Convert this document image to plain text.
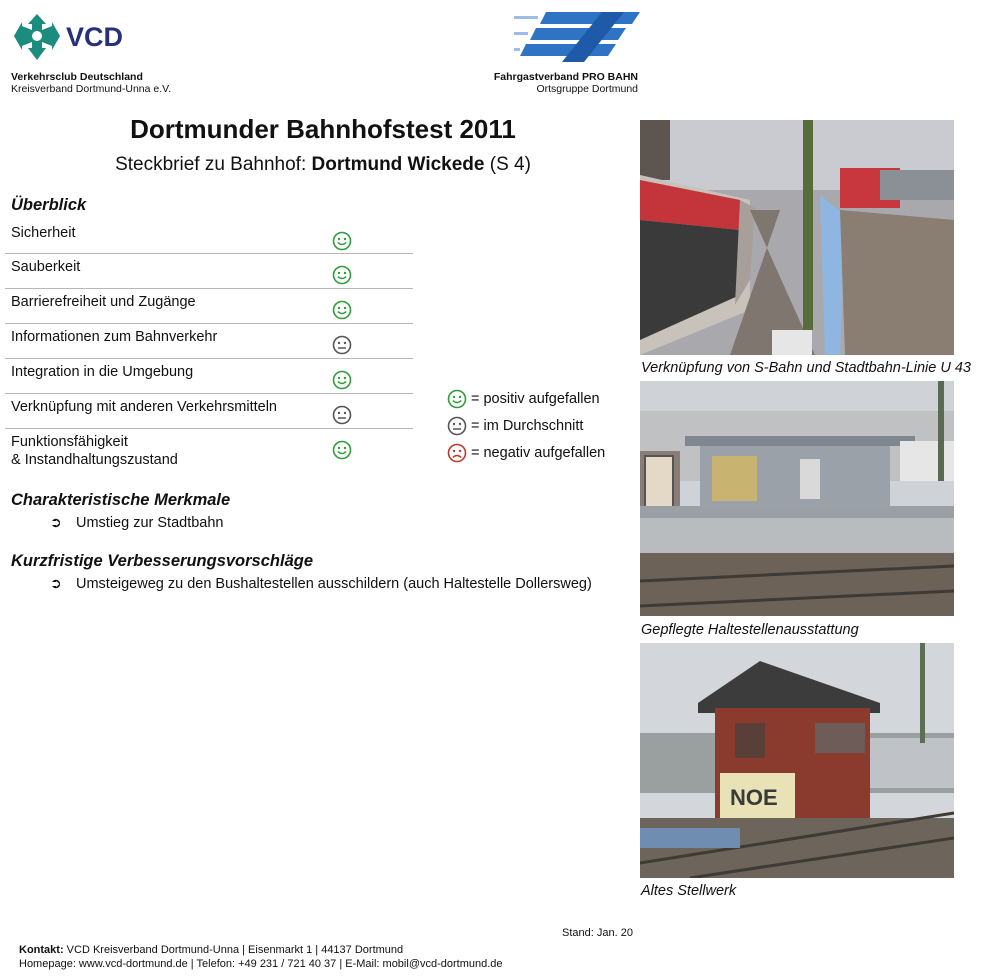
VCD
Verkehrsclub Deutschland
Kreisverband Dortmund-Unna e.V.
Fahrgastverband PRO BAHN
Ortsgruppe Dortmund
Dortmunder Bahnhofstest 2011
Steckbrief zu Bahnhof: Dortmund Wickede (S 4)
Überblick
Sicherheit
Sauberkeit
Barrierefreiheit und Zugänge
Informationen zum Bahnverkehr
Integration in die Umgebung
Verknüpfung mit anderen Verkehrsmitteln
Funktionsfähigkeit
& Instandhaltungszustand
= positiv aufgefallen
= im Durchschnitt
= negativ aufgefallen
Charakteristische Merkmale
➲ Umstieg zur Stadtbahn
Kurzfristige Verbesserungsvorschläge
➲ Umsteigeweg zu den Bushaltestellen ausschildern (auch Haltestelle Dollersweg)
Verknüpfung von S-Bahn und Stadtbahn-Linie U 43
Gepflegte Haltestellenausstattung
NOE
Altes Stellwerk
Stand: Jan. 20
Kontakt: VCD Kreisverband Dortmund-Unna | Eisenmarkt 1 | 44137 Dortmund
Homepage: www.vcd-dortmund.de | Telefon: +49 231 / 721 40 37 | E-Mail: mobil@vcd-dortmund.de
